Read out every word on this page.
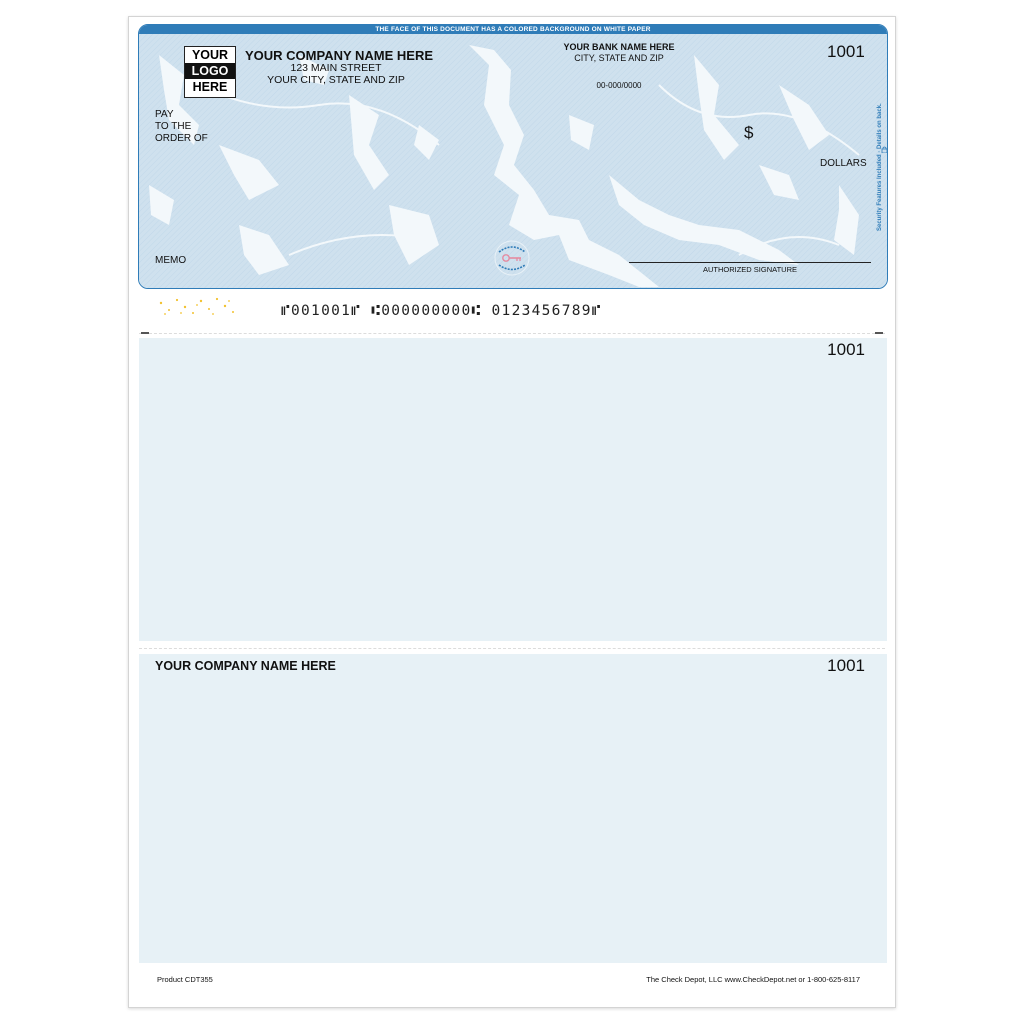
THE FACE OF THIS DOCUMENT HAS A COLORED BACKGROUND ON WHITE PAPER
YOUR
LOGO
HERE
YOUR COMPANY NAME HERE
123 MAIN STREET
YOUR CITY, STATE AND ZIP
YOUR BANK NAME HERE
CITY, STATE AND ZIP
00-000/0000
1001
PAY
TO THE
ORDER OF	$
DOLLARS
MEMO
AUTHORIZED SIGNATURE
Security Features Included · Details on back.
⑈001001⑈ ⑆000000000⑆ 0123456789⑈
1001
YOUR COMPANY NAME HERE	1001
Product CDT355	The Check Depot, LLC www.CheckDepot.net or 1-800-625-8117
